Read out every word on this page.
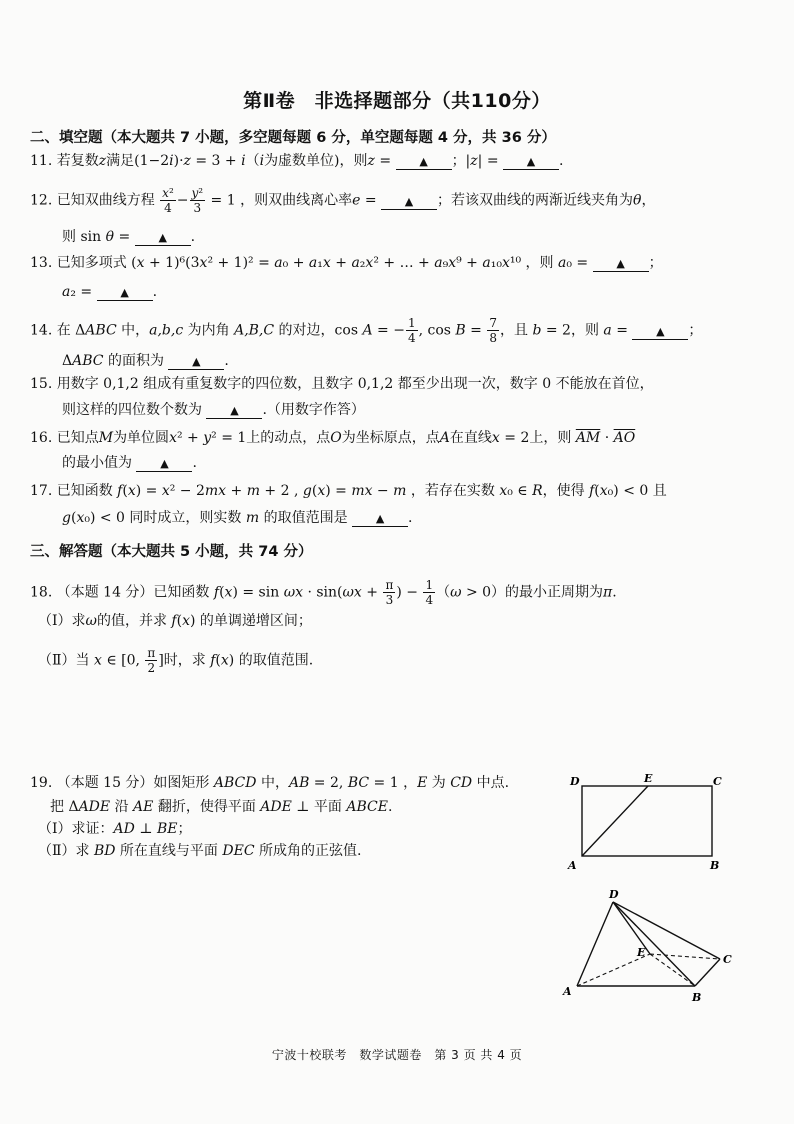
第Ⅱ卷　非选择题部分（共110分）
二、填空题（本大题共 7 小题，多空题每题 6 分，单空题每题 4 分，共 36 分）
11. 若复数z满足(1−2i)·z = 3 + i（i为虚数单位)，则z = ▲ ；|z| = ▲ .
12. 已知双曲线方程 $\frac{\text{x²}}{4} - \frac{\text{y²}}{3} = 1$ ，则双曲线离心率e = ▲ ；若该双曲线的两渐近线夹角为θ，
则 sin θ = ▲ .
13. 已知多项式 (x + 1)⁶(3x² + 1)² = a₀ + a₁x + a₂x² + … + a₉x⁹ + a₁₀x¹⁰ ，则 a₀ = ▲ ；
a₂ = ▲ .
14. 在 ΔABC 中，a,b,c 为内角 A,B,C 的对边，cos A = − $\frac{1}{4}$ , $\cos B = \frac{7}{8}$ ，且 b = 2，则 a = ▲ ；
ΔABC 的面积为	▲ .
15. 用数字 0,1,2 组成有重复数字的四位数，且数字 0,1,2 都至少出现一次，数字 0 不能放在首位，
则这样的四位数个数为	▲ .（用数字作答）
16. 已知点M为单位圆x² + y² = 1上的动点，点O为坐标原点，点A在直线x = 2上，则 $\overline{AM} \cdot \overline{AO}$
的最小值为	▲ .
17. 已知函数 f(x) = x² − 2mx + m + 2 , g(x) = mx − m ，若存在实数 x₀ ∈ R，使得 f(x₀) < 0 且
g(x₀) < 0 同时成立，则实数 m 的取值范围是	▲ .
三、解答题（本大题共 5 小题，共 74 分）
18. （本题 14 分）已知函数 $f(x) = \sin \omega x \cdot \sin(\omega x + \frac{\pi}{3}$ ) − $\frac{1}{4} (\omega > 0)$的最小正周期为π.
（Ⅰ）求ω的值，并求 f(x) 的单调递增区间；
（Ⅱ）当 x ∈ [0, $\frac{\pi}{2}$ ]时，求 f(x) 的取值范围.
19. （本题 15 分）如图矩形 ABCD 中，AB = 2, BC = 1 ，E 为 CD 中点.
把 ΔADE 沿 AE 翻折，使得平面 ADE ⊥ 平面 ABCE.
（Ⅰ）求证：AD ⊥ BE；
（Ⅱ）求 BD 所在直线与平面 DEC 所成角的正弦值.
D	E	C
A	B
D
E
C
A	B
宁波十校联考　数学试题卷　第 3 页 共 4 页
